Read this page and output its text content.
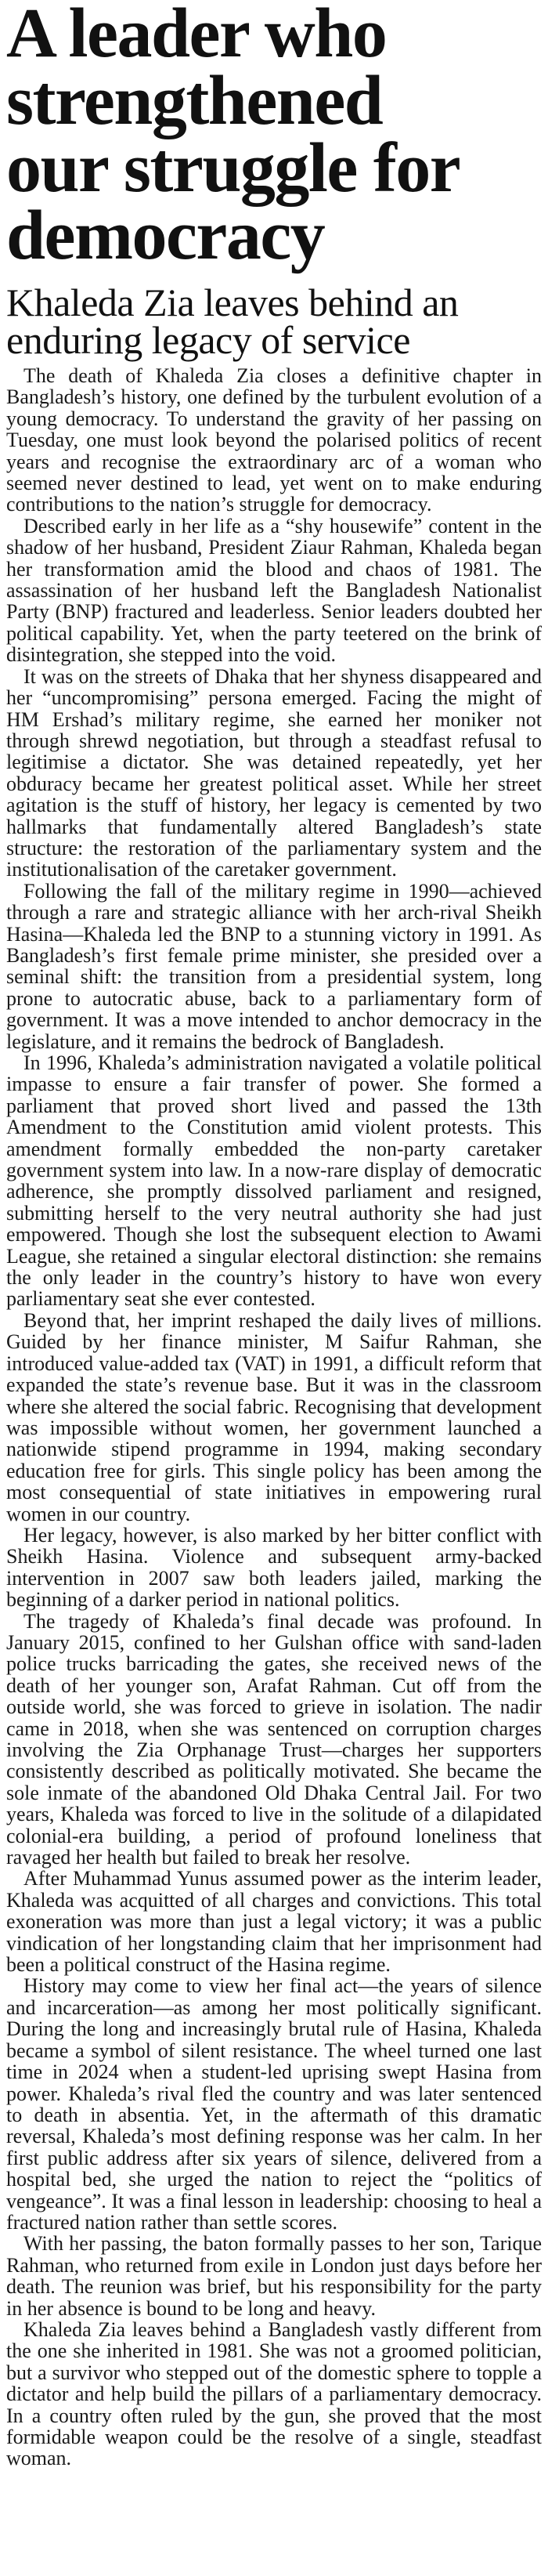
A leader who
strengthened
our struggle for
democracy
Khaleda Zia leaves behind an
enduring legacy of service

The death of Khaleda Zia closes a definitive chapter in Bangladesh’s history, one defined by the turbulent evolution of a young democracy. To understand the gravity of her passing on Tuesday, one must look beyond the polarised politics of recent years and recognise the extraordinary arc of a woman who seemed never destined to lead, yet went on to make enduring contributions to the nation’s struggle for democracy.

Described early in her life as a “shy housewife” content in the shadow of her husband, President Ziaur Rahman, Khaleda began her transformation amid the blood and chaos of 1981. The assassination of her husband left the Bangladesh Nationalist Party (BNP) fractured and leaderless. Senior leaders doubted her political capability. Yet, when the party teetered on the brink of disintegration, she stepped into the void.

It was on the streets of Dhaka that her shyness disappeared and her “uncompromising” persona emerged. Facing the might of HM Ershad’s military regime, she earned her moniker not through shrewd negotiation, but through a steadfast refusal to legitimise a dictator. She was detained repeatedly, yet her obduracy became her greatest political asset. While her street agitation is the stuff of history, her legacy is cemented by two hallmarks that fundamentally altered Bangladesh’s state structure: the restoration of the parliamentary system and the institutionalisation of the caretaker government.

Following the fall of the military regime in 1990—achieved through a rare and strategic alliance with her arch-rival Sheikh Hasina—Khaleda led the BNP to a stunning victory in 1991. As Bangladesh’s first female prime minister, she presided over a seminal shift: the transition from a presidential system, long prone to autocratic abuse, back to a parliamentary form of government. It was a move intended to anchor democracy in the legislature, and it remains the bedrock of Bangladesh.

In 1996, Khaleda’s administration navigated a volatile political impasse to ensure a fair transfer of power. She formed a parliament that proved short lived and passed the 13th Amendment to the Constitution amid violent protests. This amendment formally embedded the non-party caretaker government system into law. In a now-rare display of democratic adherence, she promptly dissolved parliament and resigned, submitting herself to the very neutral authority she had just empowered. Though she lost the subsequent election to Awami League, she retained a singular electoral distinction: she remains the only leader in the country’s history to have won every parliamentary seat she ever contested.

Beyond that, her imprint reshaped the daily lives of millions. Guided by her finance minister, M Saifur Rahman, she introduced value-added tax (VAT) in 1991, a difficult reform that expanded the state’s revenue base. But it was in the classroom where she altered the social fabric. Recognising that development was impossible without women, her government launched a nationwide stipend programme in 1994, making secondary education free for girls. This single policy has been among the most consequential of state initiatives in empowering rural women in our country.

Her legacy, however, is also marked by her bitter conflict with Sheikh Hasina. Violence and subsequent army-backed intervention in 2007 saw both leaders jailed, marking the beginning of a darker period in national politics.

The tragedy of Khaleda’s final decade was profound. In January 2015, confined to her Gulshan office with sand-laden police trucks barricading the gates, she received news of the death of her younger son, Arafat Rahman. Cut off from the outside world, she was forced to grieve in isolation. The nadir came in 2018, when she was sentenced on corruption charges involving the Zia Orphanage Trust—charges her supporters consistently described as politically motivated. She became the sole inmate of the abandoned Old Dhaka Central Jail. For two years, Khaleda was forced to live in the solitude of a dilapidated colonial-era building, a period of profound loneliness that ravaged her health but failed to break her resolve.

After Muhammad Yunus assumed power as the interim leader, Khaleda was acquitted of all charges and convictions. This total exoneration was more than just a legal victory; it was a public vindication of her longstanding claim that her imprisonment had been a political construct of the Hasina regime.

History may come to view her final act—the years of silence and incarceration—as among her most politically significant. During the long and increasingly brutal rule of Hasina, Khaleda became a symbol of silent resistance. The wheel turned one last time in 2024 when a student-led uprising swept Hasina from power. Khaleda’s rival fled the country and was later sentenced to death in absentia. Yet, in the aftermath of this dramatic reversal, Khaleda’s most defining response was her calm. In her first public address after six years of silence, delivered from a hospital bed, she urged the nation to reject the “politics of vengeance”. It was a final lesson in leadership: choosing to heal a fractured nation rather than settle scores.

With her passing, the baton formally passes to her son, Tarique Rahman, who returned from exile in London just days before her death. The reunion was brief, but his responsibility for the party in her absence is bound to be long and heavy.

Khaleda Zia leaves behind a Bangladesh vastly different from the one she inherited in 1981. She was not a groomed politician, but a survivor who stepped out of the domestic sphere to topple a dictator and help build the pillars of a parliamentary democracy. In a country often ruled by the gun, she proved that the most formidable weapon could be the resolve of a single, steadfast woman.
